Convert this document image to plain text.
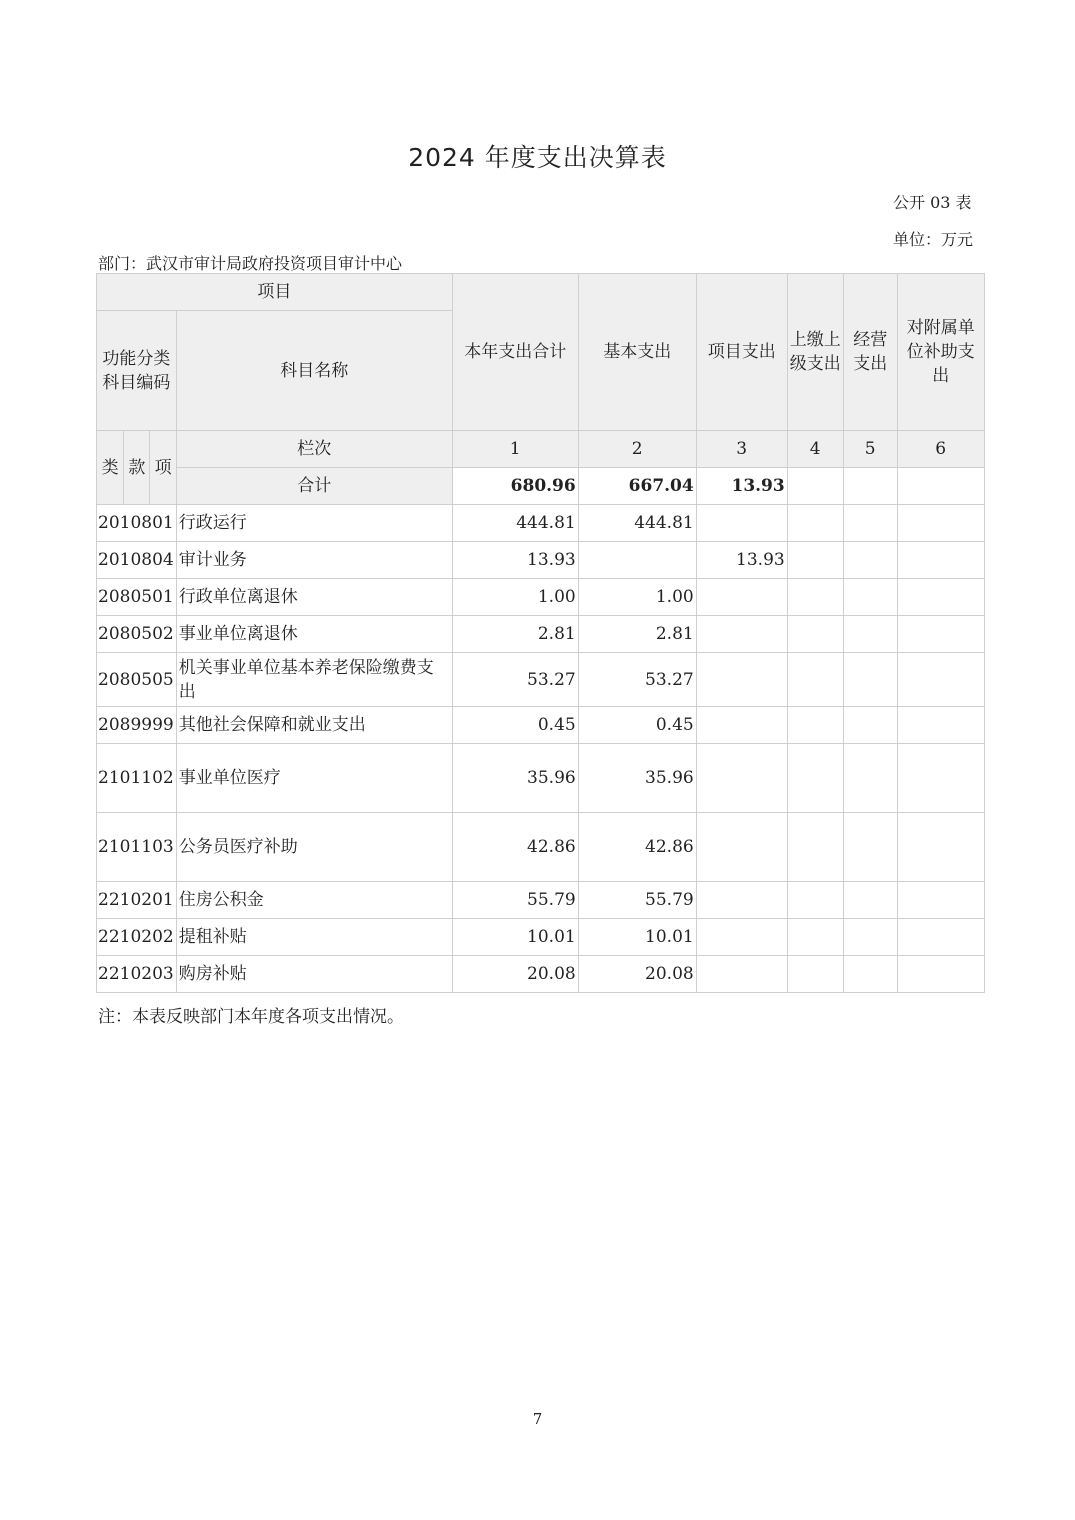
2024 年度支出决算表
公开 03 表
单位：万元
部门：武汉市审计局政府投资项目审计中心
项目				本年支出合计	基本支出	项目支出	上缴上级支出	经营支出	对附属单位补助支出
功能分类科目编码			科目名称						
类	款	项	栏次	1	2	3	4	5	6
			合计	680.96	667.04	13.93			
2010801			行政运行	444.81	444.81				
2010804			审计业务	13.93		13.93			
2080501			行政单位离退休	1.00	1.00				
2080502			事业单位离退休	2.81	2.81				
2080505			机关事业单位基本养老保险缴费支出	53.27	53.27				
2089999			其他社会保障和就业支出	0.45	0.45				
2101102			事业单位医疗	35.96	35.96				
2101103			公务员医疗补助	42.86	42.86				
2210201			住房公积金	55.79	55.79				
2210202			提租补贴	10.01	10.01				
2210203			购房补贴	20.08	20.08				
注：本表反映部门本年度各项支出情况。
7
